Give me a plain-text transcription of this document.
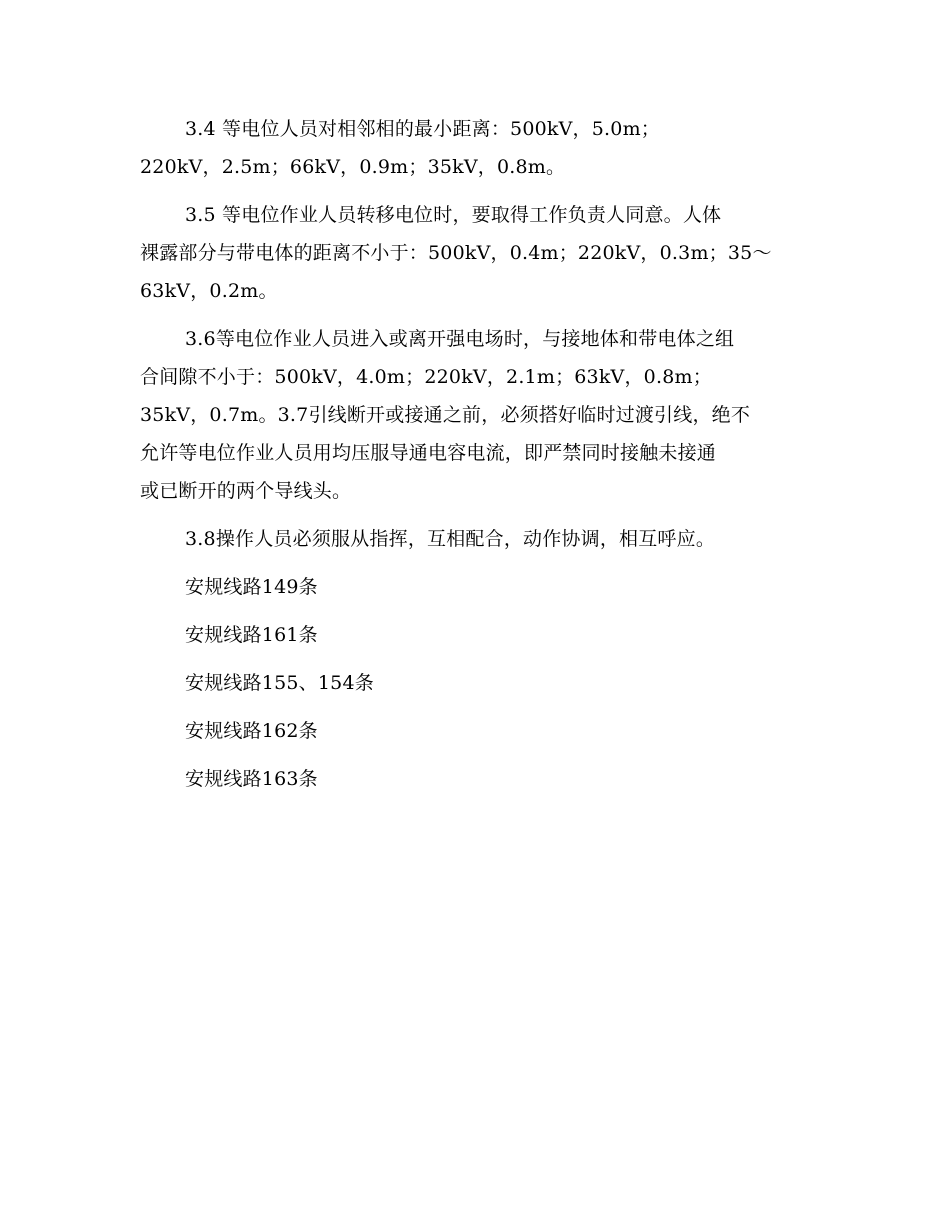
3.4 等电位人员对相邻相的最小距离：500kV，5.0m；
220kV，2.5m；66kV，0.9m；35kV，0.8m。

3.5 等电位作业人员转移电位时，要取得工作负责人同意。人体
裸露部分与带电体的距离不小于：500kV，0.4m；220kV，0.3m；35～
63kV，0.2m。

3.6等电位作业人员进入或离开强电场时，与接地体和带电体之组
合间隙不小于：500kV，4.0m；220kV，2.1m；63kV，0.8m；
35kV，0.7m。3.7引线断开或接通之前，必须搭好临时过渡引线，绝不
允许等电位作业人员用均压服导通电容电流，即严禁同时接触未接通
或已断开的两个导线头。

3.8操作人员必须服从指挥，互相配合，动作协调，相互呼应。

安规线路149条

安规线路161条

安规线路155、154条

安规线路162条

安规线路163条
